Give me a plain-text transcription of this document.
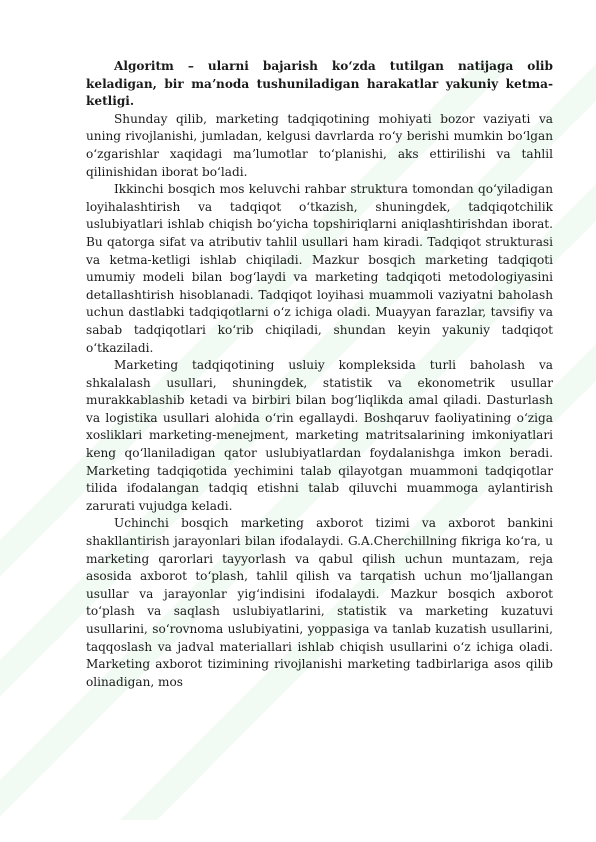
Algoritm – ularni bajarish koʻzda tutilgan natijaga olib keladigan, bir maʼnoda tushuniladigan harakatlar yakuniy ketma-ketligi.

Shunday qilib, marketing tadqiqotining mohiyati bozor vaziyati va uning rivojlanishi, jumladan, kelgusi davrlarda roʻy berishi mumkin boʻlgan oʻzgarishlar xaqidagi maʼlumotlar toʻplanishi, aks ettirilishi va tahlil qilinishidan iborat boʻladi.

Ikkinchi bosqich mos keluvchi rahbar struktura tomondan qoʻyiladigan loyihalashtirish va tadqiqot oʻtkazish, shuningdek, tadqiqotchilik uslubiyatlari ishlab chiqish boʻyicha topshiriqlarni aniqlashtirishdan iborat. Bu qatorga sifat va atributiv tahlil usullari ham kiradi. Tadqiqot strukturasi va ketma-ketligi ishlab chiqiladi. Mazkur bosqich marketing tadqiqoti umumiy modeli bilan bogʻlaydi va marketing tadqiqoti metodologiyasini detallashtirish hisoblanadi. Tadqiqot loyihasi muammoli vaziyatni baholash uchun dastlabki tadqiqotlarni oʻz ichiga oladi. Muayyan farazlar, tavsifiy va sabab tadqiqotlari koʻrib chiqiladi, shundan keyin yakuniy tadqiqot oʻtkaziladi.

Marketing tadqiqotining usluiy kompleksida turli baholash va shkalalash usullari, shuningdek, statistik va ekonometrik usullar murakkablashib ketadi va birbiri bilan bogʻliqlikda amal qiladi. Dasturlash va logistika usullari alohida oʻrin egallaydi. Boshqaruv faoliyatining oʻziga xosliklari marketing-menejment, marketing matritsalarining imkoniyatlari keng qoʻllaniladigan qator uslubiyatlardan foydalanishga imkon beradi. Marketing tadqiqotida yechimini talab qilayotgan muammoni tadqiqotlar tilida ifodalangan tadqiq etishni talab qiluvchi muammoga aylantirish zarurati vujudga keladi.

Uchinchi bosqich marketing axborot tizimi va axborot bankini shakllantirish jarayonlari bilan ifodalaydi. G.A.Cherchillning fikriga koʻra, u marketing qarorlari tayyorlash va qabul qilish uchun muntazam, reja asosida axborot toʻplash, tahlil qilish va tarqatish uchun moʻljallangan usullar va jarayonlar yigʻindisini ifodalaydi. Mazkur bosqich axborot toʻplash va saqlash uslubiyatlarini, statistik va marketing kuzatuvi usullarini, soʻrovnoma uslubiyatini, yoppasiga va tanlab kuzatish usullarini, taqqoslash va jadval materiallari ishlab chiqish usullarini oʻz ichiga oladi. Marketing axborot tizimining rivojlanishi marketing tadbirlariga asos qilib olinadigan, mos
